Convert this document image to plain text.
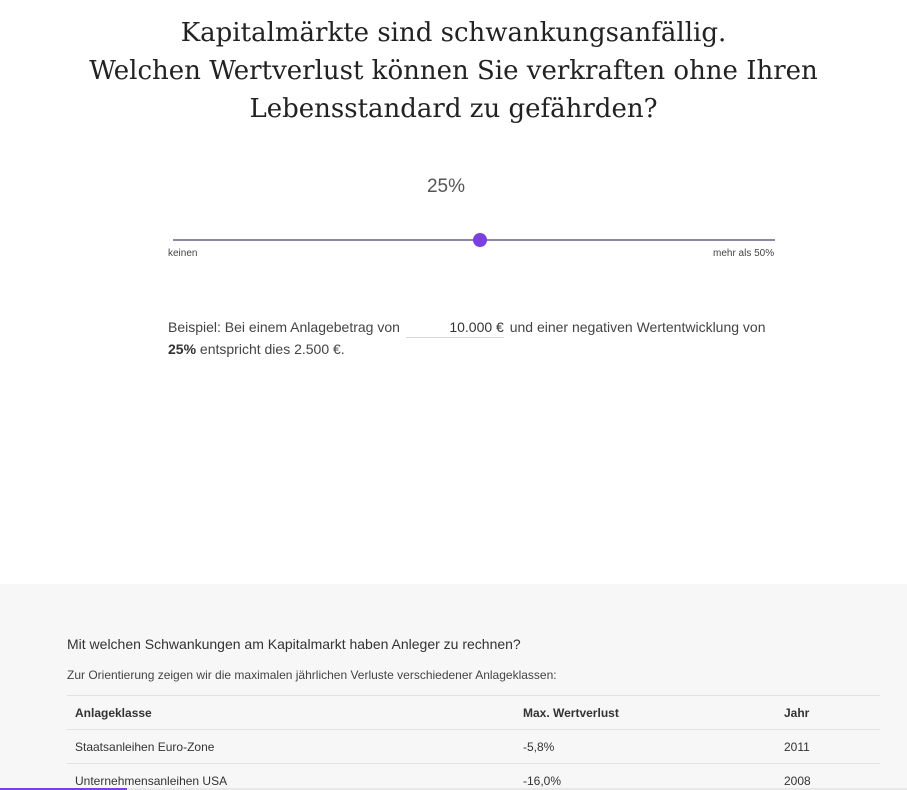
Kapitalmärkte sind schwankungsanfällig.
Welchen Wertverlust können Sie verkraften ohne Ihren
Lebensstandard zu gefährden?
25%
keinen	mehr als 50%
Beispiel: Bei einem Anlagebetrag von 10.000 €	und einer negativen Wertentwicklung von 25% entspricht dies 2.500 €.
Mit welchen Schwankungen am Kapitalmarkt haben Anleger zu rechnen?
Zur Orientierung zeigen wir die maximalen jährlichen Verluste verschiedener Anlageklassen:
Anlageklasse	Max. Wertverlust	Jahr
Staatsanleihen Euro-Zone	-5,8%	2011
Unternehmensanleihen USA	-16,0%	2008
